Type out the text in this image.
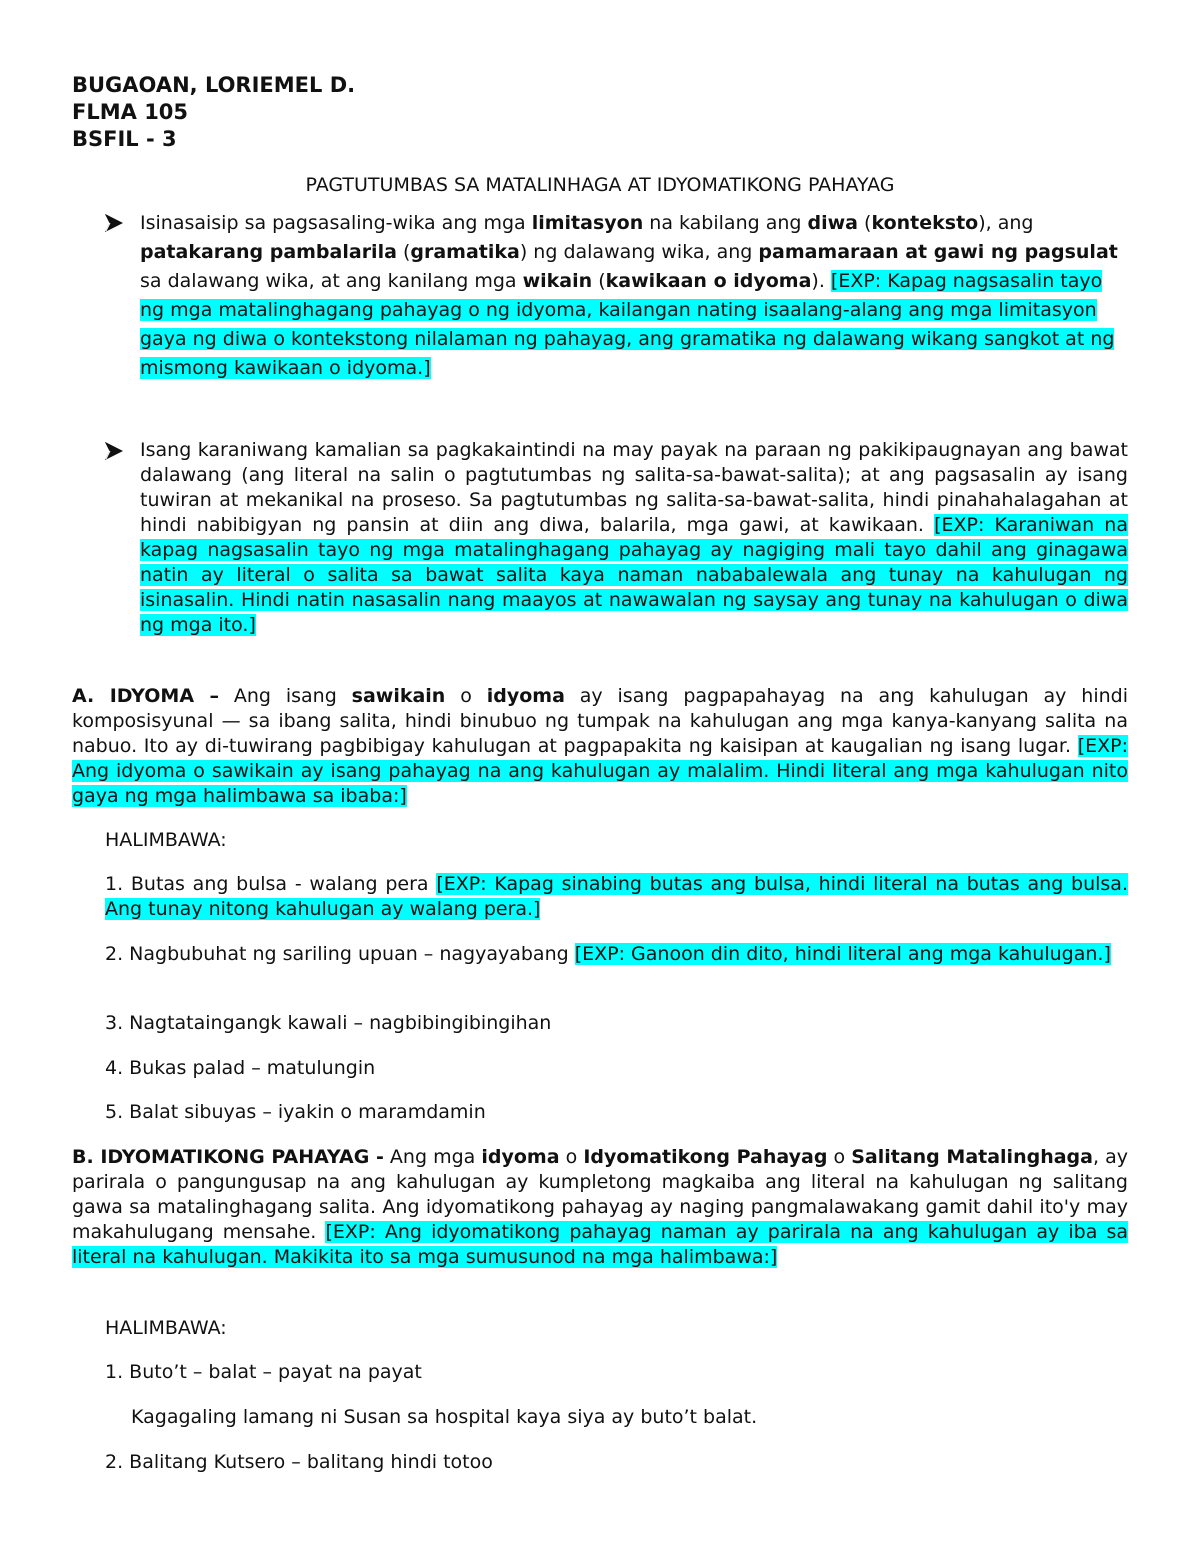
BUGAOAN, LORIEMEL D.
FLMA 105
BSFIL - 3
PAGTUTUMBAS SA MATALINHAGA AT IDYOMATIKONG PAHAYAG
Isinasaisip sa pagsasaling-wika ang mga limitasyon na kabilang ang diwa (konteksto), ang patakarang pambalarila (gramatika) ng dalawang wika, ang pamamaraan at gawi ng pagsulat sa dalawang wika, at ang kanilang mga wikain (kawikaan o idyoma). [EXP: Kapag nagsasalin tayo ng mga matalinghagang pahayag o ng idyoma, kailangan nating isaalang-alang ang mga limitasyon gaya ng diwa o kontekstong nilalaman ng pahayag, ang gramatika ng dalawang wikang sangkot at ng mismong kawikaan o idyoma.]
Isang karaniwang kamalian sa pagkakaintindi na may payak na paraan ng pakikipaugnayan ang bawat dalawang (ang literal na salin o pagtutumbas ng salita-sa-bawat-salita); at ang pagsasalin ay isang tuwiran at mekanikal na proseso. Sa pagtutumbas ng salita-sa-bawat-salita, hindi pinahahalagahan at hindi nabibigyan ng pansin at diin ang diwa, balarila, mga gawi, at kawikaan. [EXP: Karaniwan na kapag nagsasalin tayo ng mga matalinghagang pahayag ay nagiging mali tayo dahil ang ginagawa natin ay literal o salita sa bawat salita kaya naman nababalewala ang tunay na kahulugan ng isinasalin. Hindi natin nasasalin nang maayos at nawawalan ng saysay ang tunay na kahulugan o diwa ng mga ito.]
A. IDYOMA – Ang isang sawikain o idyoma ay isang pagpapahayag na ang kahulugan ay hindi komposisyunal — sa ibang salita, hindi binubuo ng tumpak na kahulugan ang mga kanya-kanyang salita na nabuo. Ito ay di-tuwirang pagbibigay kahulugan at pagpapakita ng kaisipan at kaugalian ng isang lugar. [EXP: Ang idyoma o sawikain ay isang pahayag na ang kahulugan ay malalim. Hindi literal ang mga kahulugan nito gaya ng mga halimbawa sa ibaba:]
HALIMBAWA:
1. Butas ang bulsa - walang pera [EXP: Kapag sinabing butas ang bulsa, hindi literal na butas ang bulsa. Ang tunay nitong kahulugan ay walang pera.]
2. Nagbubuhat ng sariling upuan – nagyayabang [EXP: Ganoon din dito, hindi literal ang mga kahulugan.]
3. Nagtataingangk kawali – nagbibingibingihan
4. Bukas palad – matulungin
5. Balat sibuyas – iyakin o maramdamin
B. IDYOMATIKONG PAHAYAG - Ang mga idyoma o Idyomatikong Pahayag o Salitang Matalinghaga, ay parirala o pangungusap na ang kahulugan ay kumpletong magkaiba ang literal na kahulugan ng salitang gawa sa matalinghagang salita. Ang idyomatikong pahayag ay naging pangmalawakang gamit dahil ito'y may makahulugang mensahe. [EXP: Ang idyomatikong pahayag naman ay parirala na ang kahulugan ay iba sa literal na kahulugan. Makikita ito sa mga sumusunod na mga halimbawa:]
HALIMBAWA:
1. Buto’t – balat – payat na payat
Kagagaling lamang ni Susan sa hospital kaya siya ay buto’t balat.
2. Balitang Kutsero – balitang hindi totoo
